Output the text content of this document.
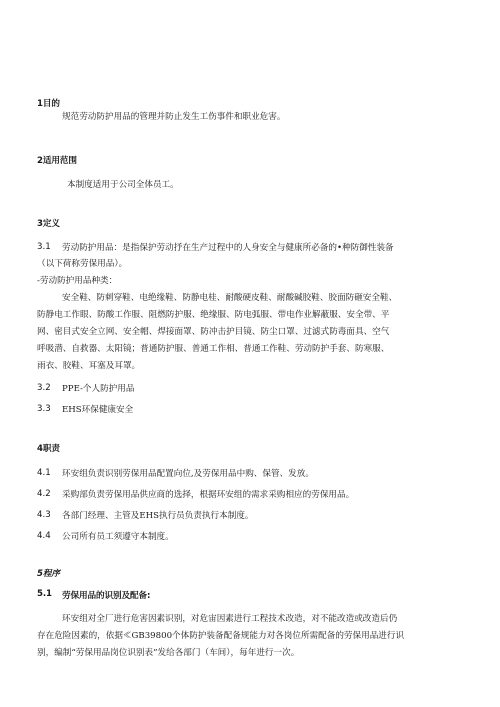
1目的
规范劳动防护用品的管理并防止发生工伤事件和职业危害。
2适用范围
本制度适用于公司全体员工。
3定义
3.1 劳动防护用品：是指保护劳动抒在生产过程中的人身安全与健康所必备的•种防御性装备
（以下荷称劳保用品）。
-劳动防护用品种类：
安全鞋、防刺穿鞋、电绝缘鞋、防静电桂、耐酸硬皮鞋、耐酸碱胶鞋、胶面防砸安全鞋、
防静电工作眼、防酸工作服、阻燃防护服、绝缘服、防电弧服、带电作业解蔽服、安全带、平
网、密目式安全立网、安全帽、焊接面罩、防冲击护目镜、防尘口罩、过滤式防毒面具、空气
呼吸潜、自救器、太阳镜；普通防护服、普通工作相、普通工作鞋、劳动防护手套、防寒服、
雨衣、胶鞋、耳塞及耳罩。
3.2 PPE-个人防护用品
3.3 EHS环保健康安全
4职责
4.1 环安组负责识别劳保用品配置向位,及劳保用品中购、保管、发放。
4.2 采购部负责劳保用品供应商的选择，根据环安组的需求采购相应的劳保用品。
4.3 各部门经理、主管及EHS执行员负责执行本制度。
4.4 公司所有员工须遵守本制度。
5程序
5.1 劳保用品的识别及配备:
环安组对全厂进行危害因素识别，对危宙因素进行工程技术改造，对不能改造或改造后仍
存在危险因素的，依据≪GB39800个体防护装备配备规能力对各岗位所需配备的劳保用品进行识
别，编制“劳保用品岗位识别表”发给各部门（车间），每年进行一次。
